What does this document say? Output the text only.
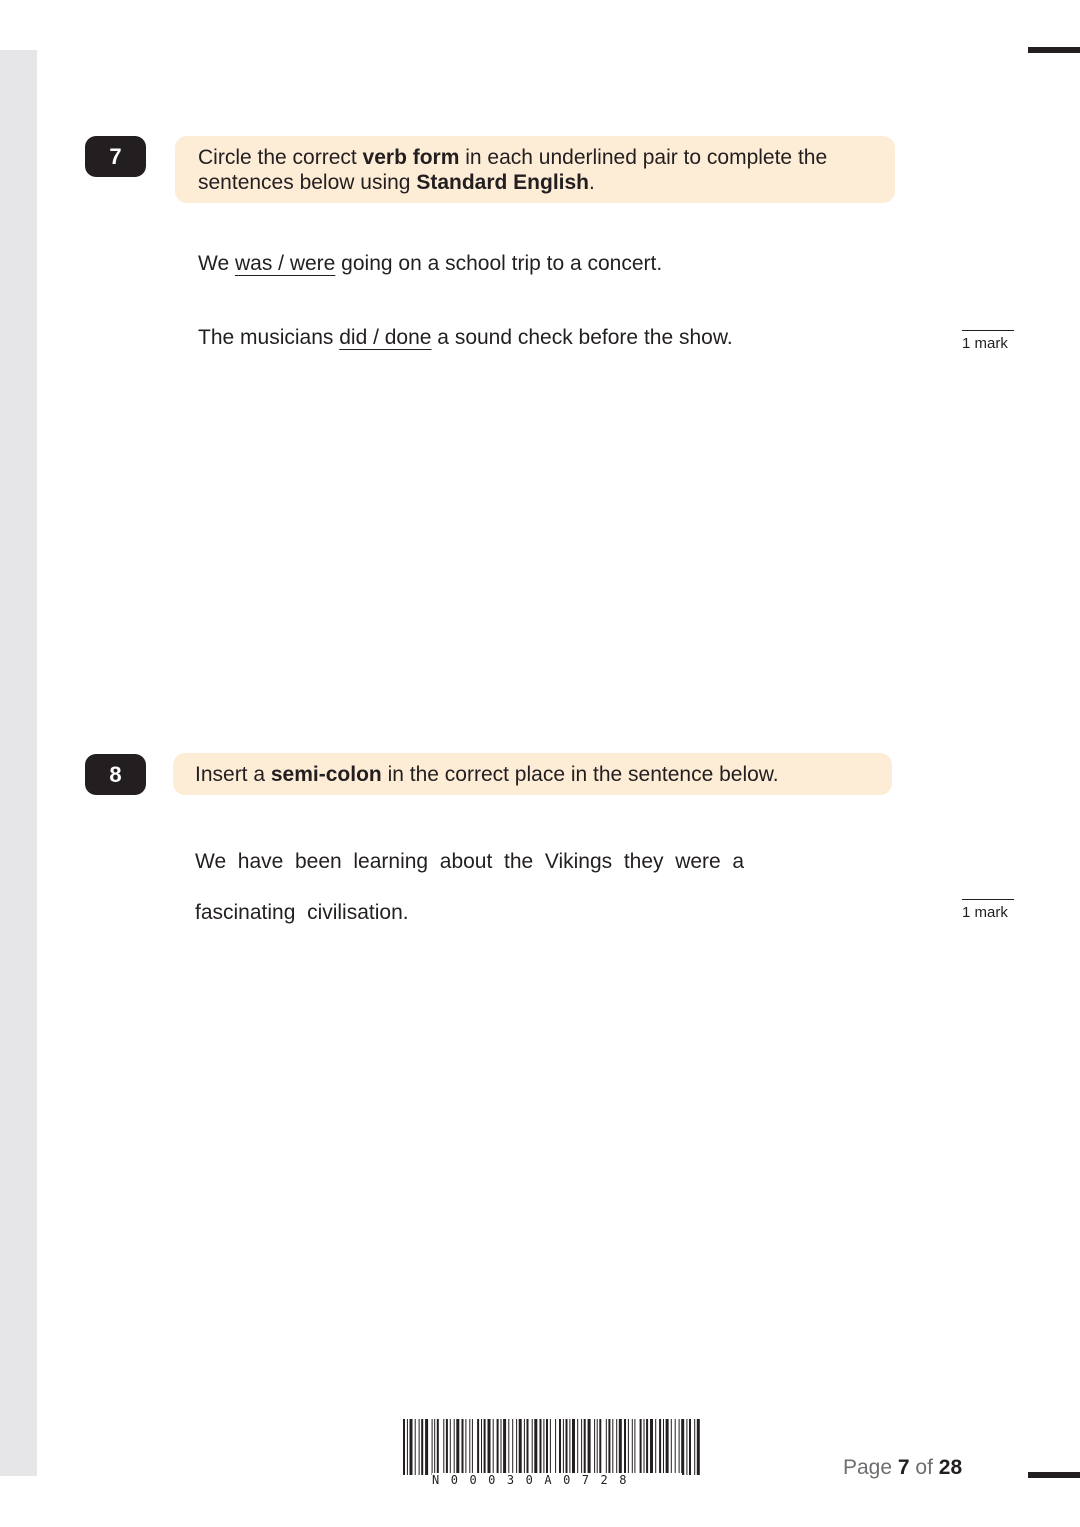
7	Circle the correct verb form in each underlined pair to complete the
sentences below using Standard English.
We was / were going on a school trip to a concert.
The musicians did / done a sound check before the show.	1 mark
8	Insert a semi-colon in the correct place in the sentence below.
We  have  been  learning  about  the  Vikings  they  were  a
fascinating  civilisation.	1 mark
N00030A0728
Page 7 of 28
